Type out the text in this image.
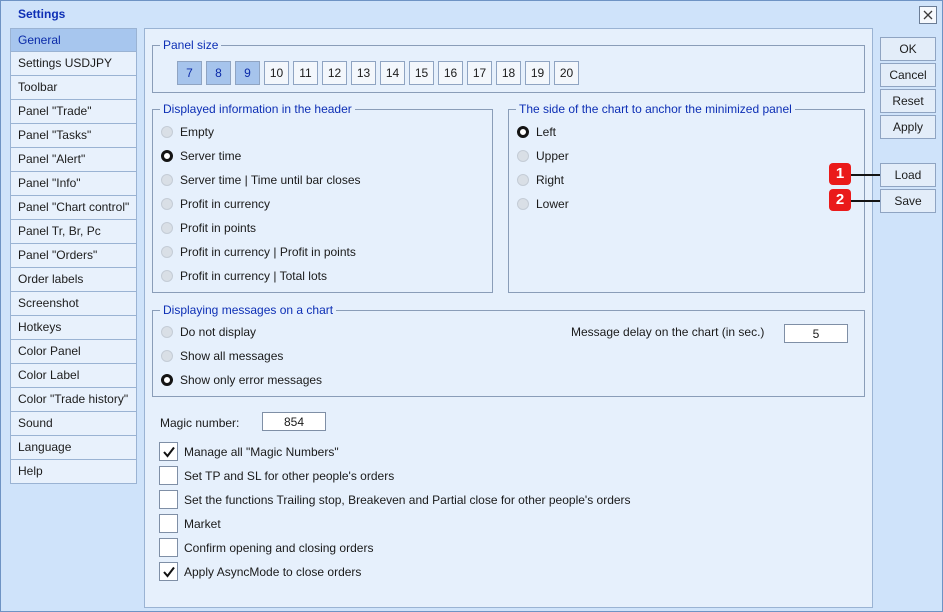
Settings
General
Settings USDJPY
Toolbar
Panel "Trade"
Panel "Tasks"
Panel "Alert"
Panel "Info"
Panel "Chart control"
Panel Tr, Br, Pc
Panel "Orders"
Order labels
Screenshot
Hotkeys
Color Panel
Color Label
Color "Trade history"
Sound
Language
Help
Panel size
7	8	9	10	11	12	13	14	15	16	17	18	19	20
Displayed information in the header
Empty
Server time
Server time | Time until bar closes
Profit in currency
Profit in points
Profit in currency | Profit in points
Profit in currency | Total lots
The side of the chart to anchor the minimized panel
Left
Upper
Right
Lower
Displaying messages on a chart
Do not display
Show all messages
Show only error messages
Message delay on the chart (in sec.)
5
Magic number:
854
Manage all "Magic Numbers"
Set TP and SL for other people's orders
Set the functions Trailing stop, Breakeven and Partial close for other people's orders
Market
Confirm opening and closing orders
Apply AsyncMode to close orders
OK
Cancel
Reset
Apply
Load
Save
1
2
